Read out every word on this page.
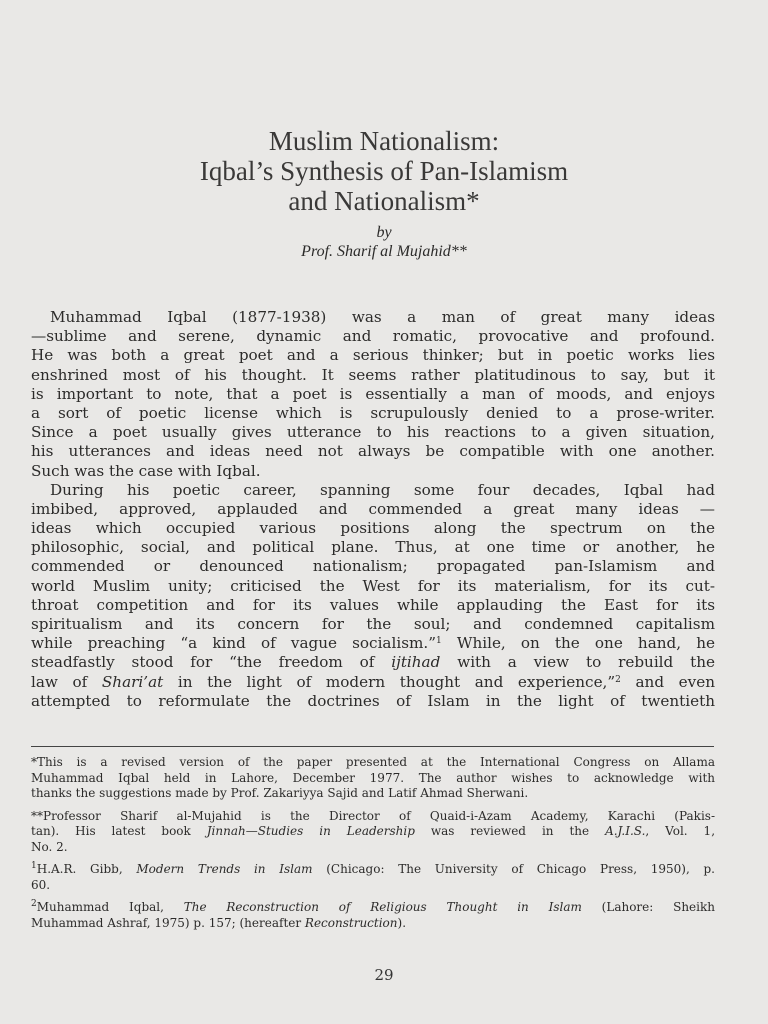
Muslim Nationalism:
Iqbal’s Synthesis of Pan-Islamism
and Nationalism*
by
Prof. Sharif al Mujahid**
Muhammad Iqbal (1877-1938) was a man of great many ideas
—sublime and serene, dynamic and romatic, provocative and profound.
He was both a great poet and a serious thinker; but in poetic works lies
enshrined most of his thought. It seems rather platitudinous to say, but it
is important to note, that a poet is essentially a man of moods, and enjoys
a sort of poetic license which is scrupulously denied to a prose-writer.
Since a poet usually gives utterance to his reactions to a given situation,
his utterances and ideas need not always be compatible with one another.
Such was the case with Iqbal.
During his poetic career, spanning some four decades, Iqbal had
imbibed, approved, applauded and commended a great many ideas —
ideas which occupied various positions along the spectrum on the
philosophic, social, and political plane. Thus, at one time or another, he
commended or denounced nationalism; propagated pan-Islamism and
world Muslim unity; criticised the West for its materialism, for its cut-
throat competition and for its values while applauding the East for its
spiritualism and its concern for the soul; and condemned capitalism
while preaching “a kind of vague socialism.”$^1$ While, on the one hand, he
steadfastly stood for “the freedom of ijtihad with a view to rebuild the
law of Shari’at in the light of modern thought and experience,”$^2$ and even
attempted to reformulate the doctrines of Islam in the light of twentieth
*This is a revised version of the paper presented at the International Congress on Allama
Muhammad Iqbal held in Lahore, December 1977. The author wishes to acknowledge with
thanks the suggestions made by Prof. Zakariyya Sajid and Latif Ahmad Sherwani.
**Professor Sharif al-Mujahid is the Director of Quaid-i-Azam Academy, Karachi (Pakis-
tan). His latest book Jinnah—Studies in Leadership was reviewed in the A.J.I.S., Vol. 1,
No. 2.
$^1$H.A.R. Gibb, Modern Trends in Islam (Chicago: The University of Chicago Press, 1950), p.
60.
$^2$Muhammad Iqbal, The Reconstruction of Religious Thought in Islam (Lahore: Sheikh
Muhammad Ashraf, 1975) p. 157; (hereafter Reconstruction).
29
